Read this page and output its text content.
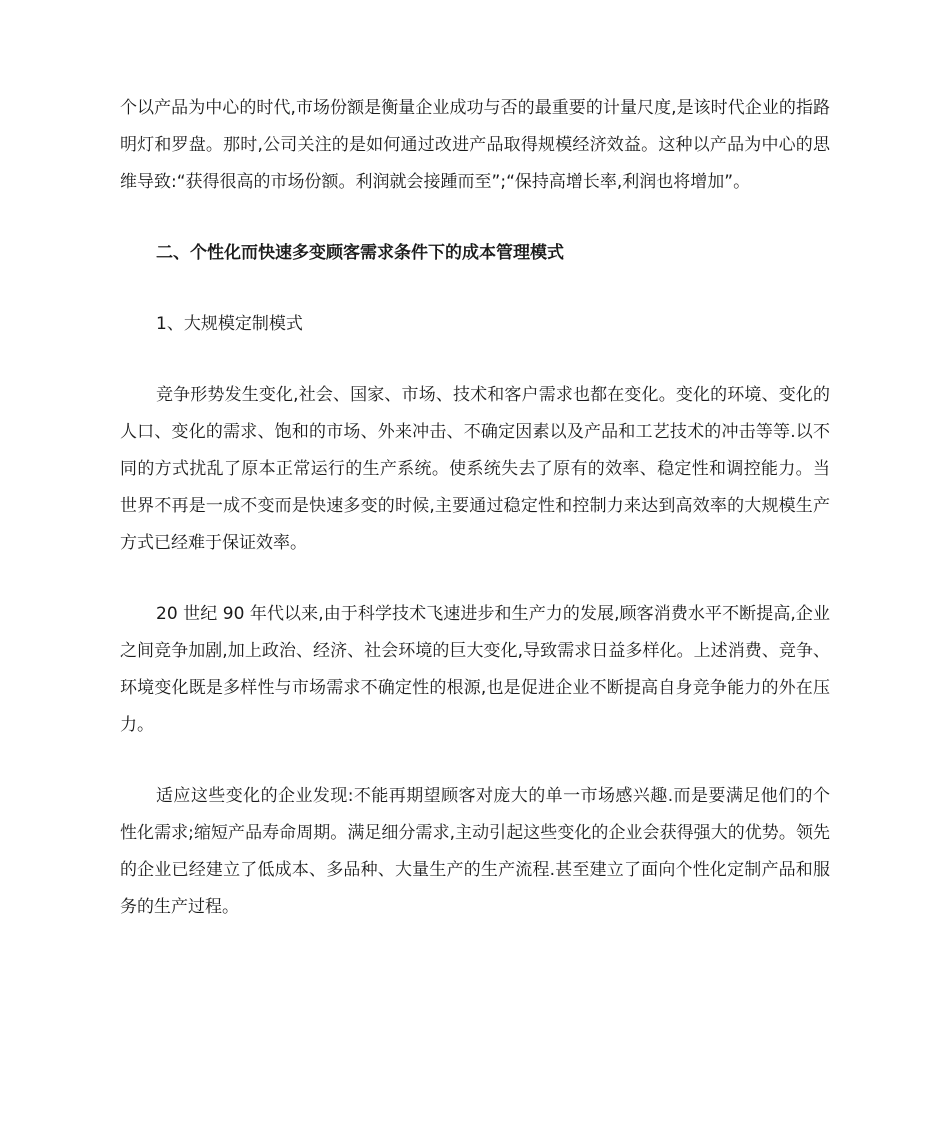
个以产品为中心的时代,市场份额是衡量企业成功与否的最重要的计量尺度,是该时代企业的指路明灯和罗盘。那时,公司关注的是如何通过改进产品取得规模经济效益。这种以产品为中心的思维导致:“获得很高的市场份额。利润就会接踵而至”;“保持高增长率,利润也将增加”。

二、个性化而快速多变顾客需求条件下的成本管理模式

1、大规模定制模式

竞争形势发生变化,社会、国家、市场、技术和客户需求也都在变化。变化的环境、变化的人口、变化的需求、饱和的市场、外来冲击、不确定因素以及产品和工艺技术的冲击等等.以不同的方式扰乱了原本正常运行的生产系统。使系统失去了原有的效率、稳定性和调控能力。当世界不再是一成不变而是快速多变的时候,主要通过稳定性和控制力来达到高效率的大规模生产方式已经难于保证效率。

20 世纪 90 年代以来,由于科学技术飞速进步和生产力的发展,顾客消费水平不断提高,企业之间竞争加剧,加上政治、经济、社会环境的巨大变化,导致需求日益多样化。上述消费、竞争、环境变化既是多样性与市场需求不确定性的根源,也是促进企业不断提高自身竞争能力的外在压力。

适应这些变化的企业发现:不能再期望顾客对庞大的单一市场感兴趣.而是要满足他们的个性化需求;缩短产品寿命周期。满足细分需求,主动引起这些变化的企业会获得强大的优势。领先的企业已经建立了低成本、多品种、大量生产的生产流程.甚至建立了面向个性化定制产品和服务的生产过程。
